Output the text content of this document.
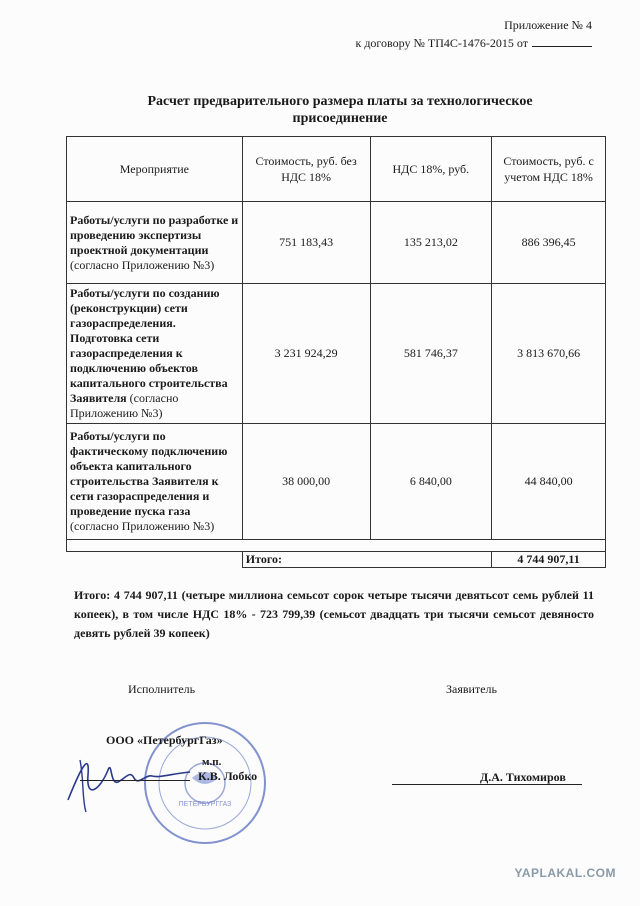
Приложение № 4
к договору № ТП4С-1476-2015 от
Расчет предварительного размера платы за технологическое
присоединение
Мероприятие	Стоимость, руб. без НДС 18%	НДС 18%, руб.	Стоимость, руб. с учетом НДС 18%
Работы/услуги по разработке и проведению экспертизы проектной документации (согласно Приложению №3)	751 183,43	135 213,02	886 396,45
Работы/услуги по созданию (реконструкции) сети газораспределения. Подготовка сети газораспределения к подключению объектов капитального строительства Заявителя (согласно Приложению №3)	3 231 924,29	581 746,37	3 813 670,66
Работы/услуги по фактическому подключению объекта капитального строительства Заявителя к сети газораспределения и проведение пуска газа (согласно Приложению №3)	38 000,00	6 840,00	44 840,00

	Итого:		4 744 907,11
Итого: 4 744 907,11 (четыре миллиона семьсот сорок четыре тысячи девятьсот семь рублей 11 копеек), в том числе НДС 18% - 723 799,39 (семьсот двадцать три тысячи семьсот девяносто девять рублей 39 копеек)
Исполнитель	Заявитель
ПЕТЕРБУРГГАЗ
ООО «ПетербургГаз»
м.п.
К.В. Лобко	Д.А. Тихомиров
YAPLAKAL.COM
